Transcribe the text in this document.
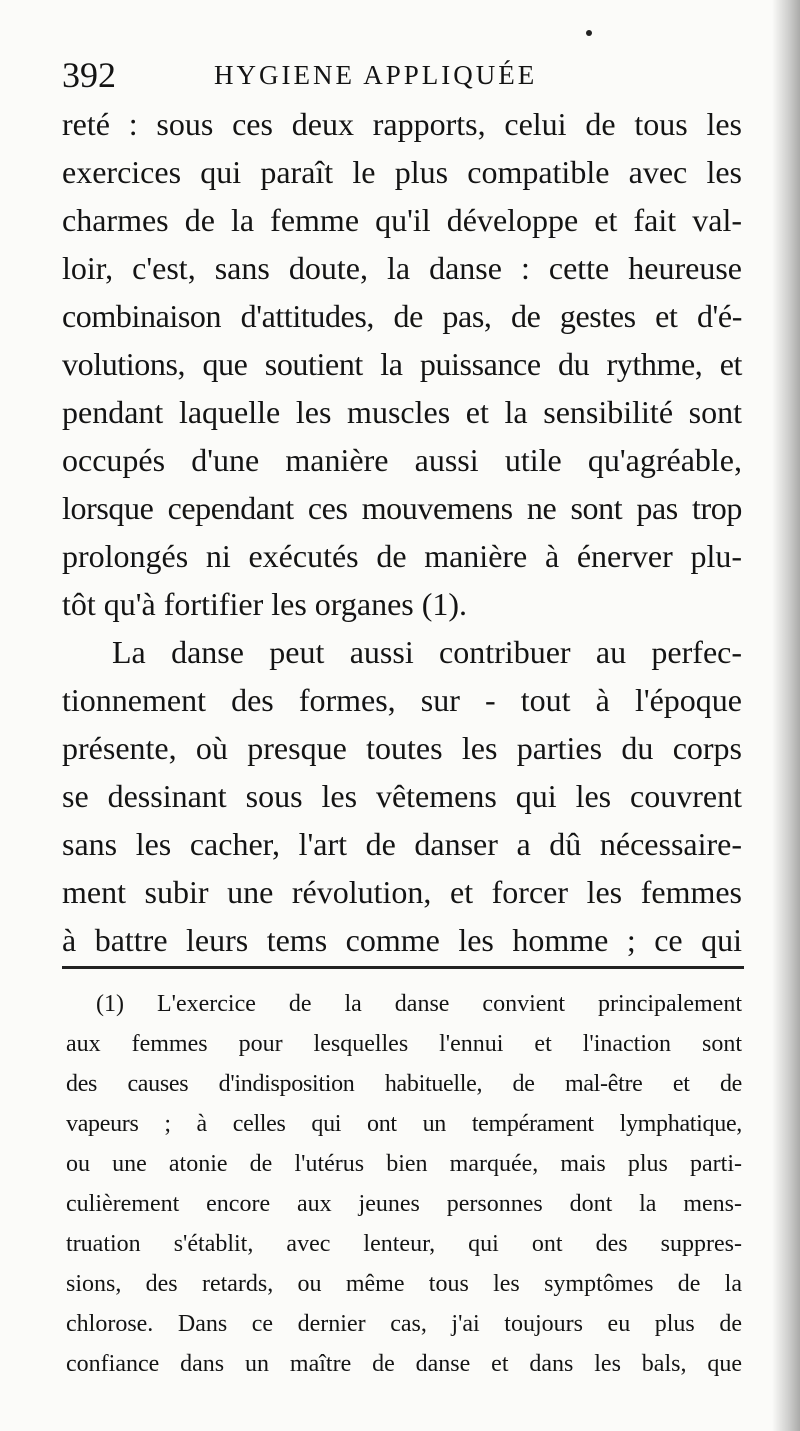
392	HYGIENE APPLIQUÉE
reté : sous ces deux rapports, celui de tous les
exercices qui paraît le plus compatible avec les
charmes de la femme qu'il développe et fait val-
loir, c'est, sans doute, la danse : cette heureuse
combinaison d'attitudes, de pas, de gestes et d'é-
volutions, que soutient la puissance du rythme, et
pendant laquelle les muscles et la sensibilité sont
occupés d'une manière aussi utile qu'agréable,
lorsque cependant ces mouvemens ne sont pas trop
prolongés ni exécutés de manière à énerver plu-
tôt qu'à fortifier les organes (1).
La danse peut aussi contribuer au perfec-
tionnement des formes, sur - tout à l'époque
présente, où presque toutes les parties du corps
se dessinant sous les vêtemens qui les couvrent
sans les cacher, l'art de danser a dû nécessaire-
ment subir une révolution, et forcer les femmes
à battre leurs tems comme les homme ; ce qui
(1) L'exercice de la danse convient principalement
aux femmes pour lesquelles l'ennui et l'inaction sont
des causes d'indisposition habituelle, de mal-être et de
vapeurs ; à celles qui ont un tempérament lymphatique,
ou une atonie de l'utérus bien marquée, mais plus parti-
culièrement encore aux jeunes personnes dont la mens-
truation s'établit, avec lenteur, qui ont des suppres-
sions, des retards, ou même tous les symptômes de la
chlorose. Dans ce dernier cas, j'ai toujours eu plus de
confiance dans un maître de danse et dans les bals, que
